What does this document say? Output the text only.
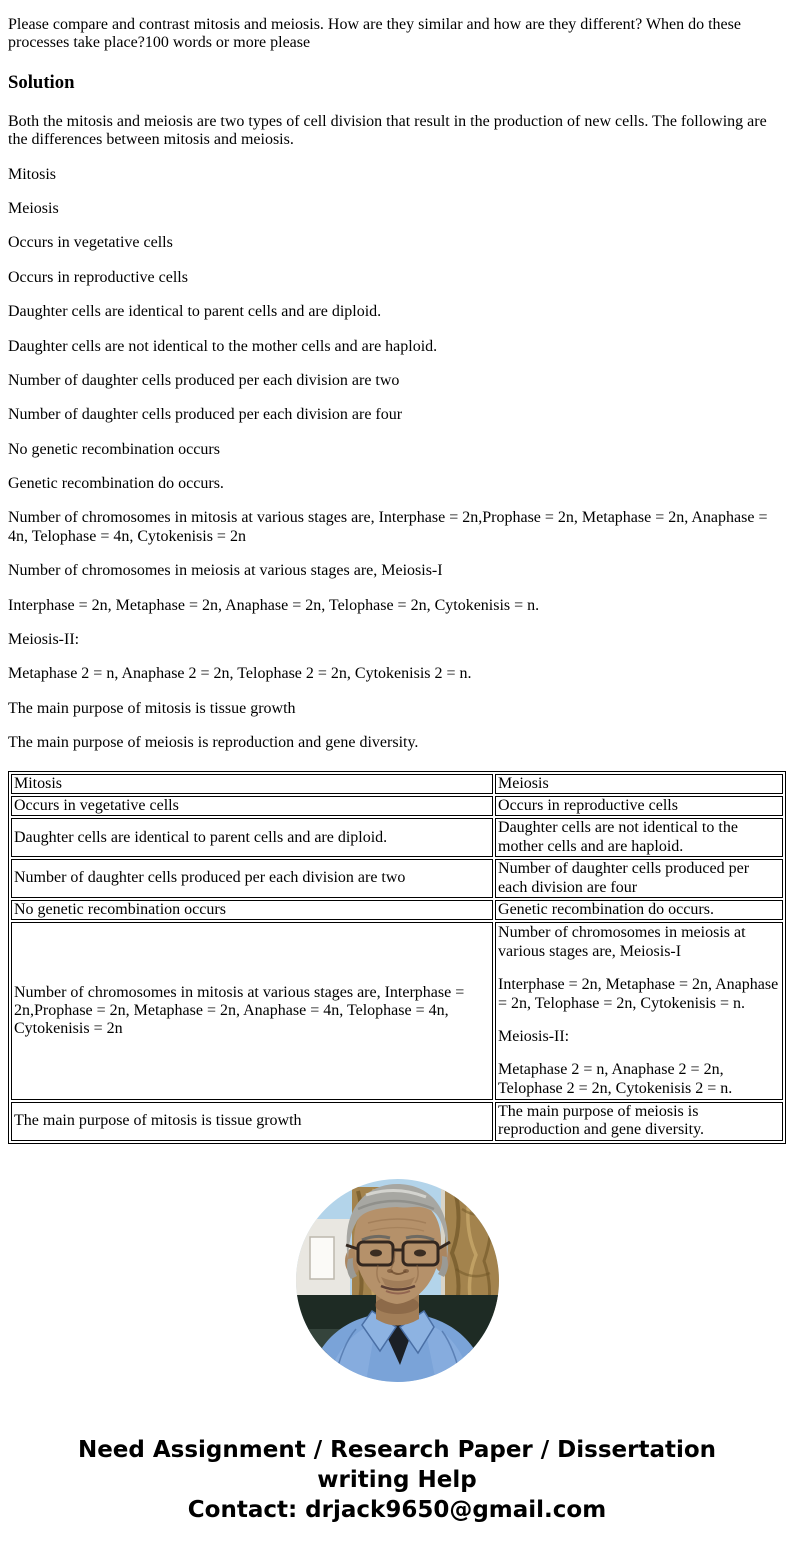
Please compare and contrast mitosis and meiosis. How are they similar and how are they different? When do these processes take place?100 words or more please

Solution

Both the mitosis and meiosis are two types of cell division that result in the production of new cells. The following are the differences between mitosis and meiosis.

Mitosis

Meiosis

Occurs in vegetative cells

Occurs in reproductive cells

Daughter cells are identical to parent cells and are diploid.

Daughter cells are not identical to the mother cells and are haploid.

Number of daughter cells produced per each division are two

Number of daughter cells produced per each division are four

No genetic recombination occurs

Genetic recombination do occurs.

Number of chromosomes in mitosis at various stages are, Interphase = 2n,Prophase = 2n, Metaphase = 2n, Anaphase = 4n, Telophase = 4n, Cytokenisis = 2n

Number of chromosomes in meiosis at various stages are, Meiosis-I

Interphase = 2n, Metaphase = 2n, Anaphase = 2n, Telophase = 2n, Cytokenisis = n.

Meiosis-II:

Metaphase 2 = n, Anaphase 2 = 2n, Telophase 2 = 2n, Cytokenisis 2 = n.

The main purpose of mitosis is tissue growth

The main purpose of meiosis is reproduction and gene diversity.

Mitosis	Meiosis
Occurs in vegetative cells	Occurs in reproductive cells
Daughter cells are identical to parent cells and are diploid.	Daughter cells are not identical to the mother cells and are haploid.
Number of daughter cells produced per each division are two	Number of daughter cells produced per each division are four
No genetic recombination occurs	Genetic recombination do occurs.
Number of chromosomes in mitosis at various stages are, Interphase = 2n,Prophase = 2n, Metaphase = 2n, Anaphase = 4n, Telophase = 4n, Cytokenisis = 2n	Number of chromosomes in meiosis at various stages are, Meiosis-I

Interphase = 2n, Metaphase = 2n, Anaphase = 2n, Telophase = 2n, Cytokenisis = n.

Meiosis-II:

Metaphase 2 = n, Anaphase 2 = 2n, Telophase 2 = 2n, Cytokenisis 2 = n.

The main purpose of mitosis is tissue growth	The main purpose of meiosis is reproduction and gene diversity.
Need Assignment / Research Paper / Dissertation
writing Help
Contact: drjack9650@gmail.com
